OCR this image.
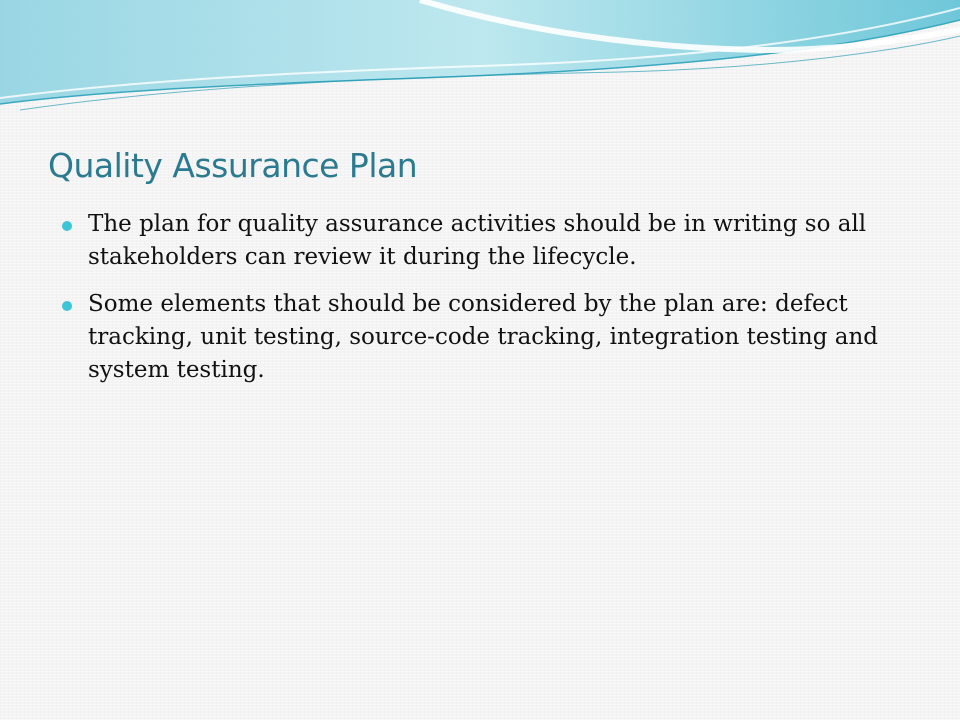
Quality Assurance Plan
The plan for quality assurance activities should be in writing so all stakeholders can review it during the lifecycle.
Some elements that should be considered by the plan are: defect tracking, unit testing, source-code tracking, integration testing and system testing.
